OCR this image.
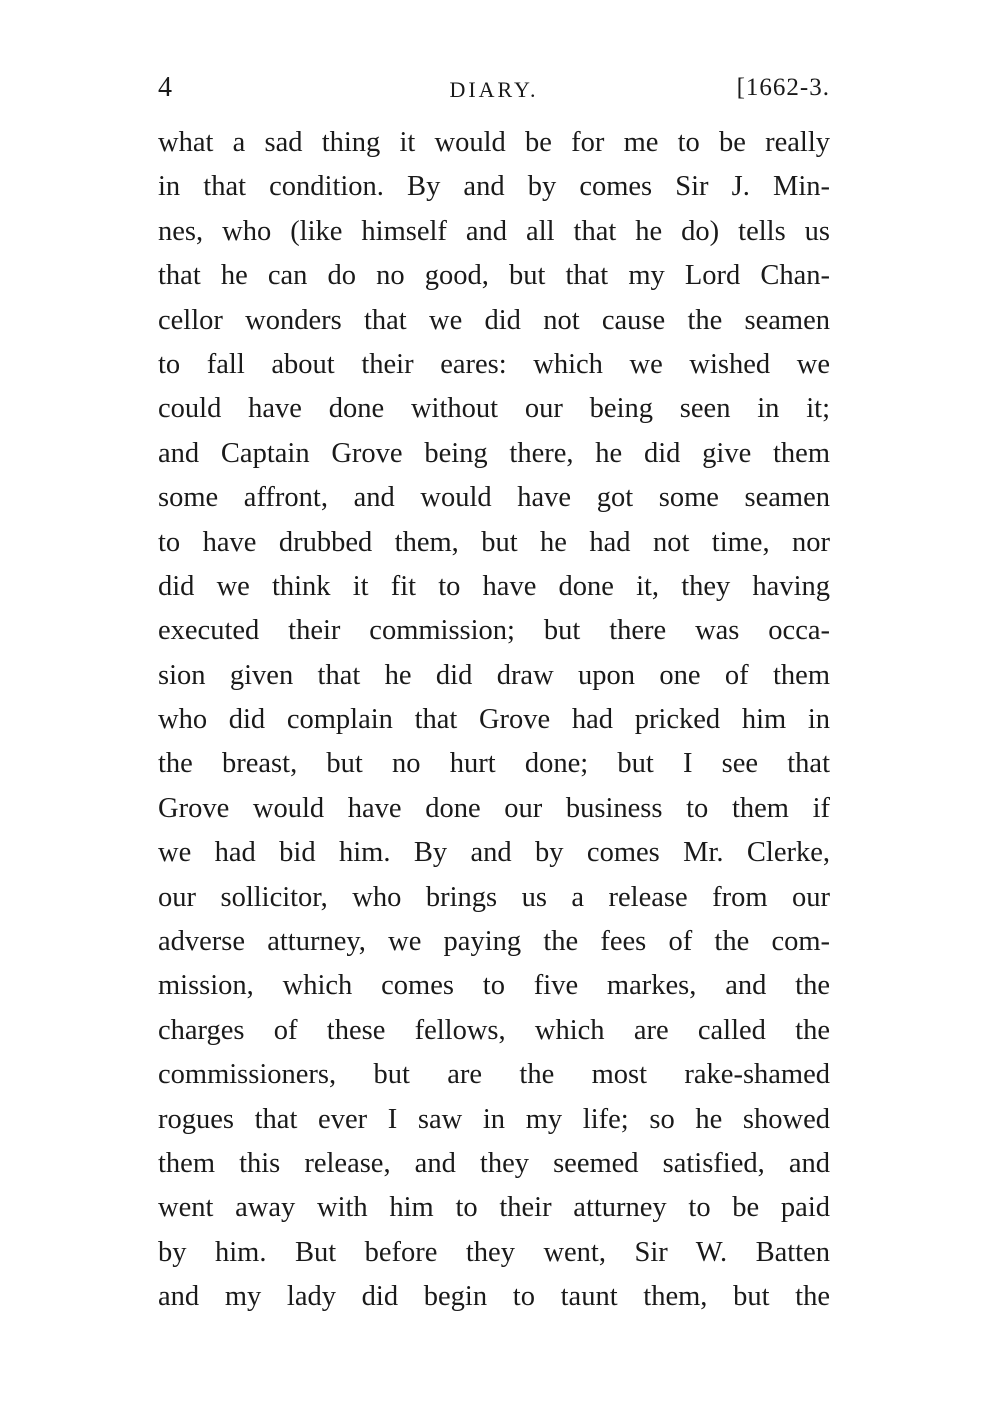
4	DIARY.	[1662-3.
what a sad thing it would be for me to be really
in that condition. By and by comes Sir J. Min-
nes, who (like himself and all that he do) tells us
that he can do no good, but that my Lord Chan-
cellor wonders that we did not cause the seamen
to fall about their eares: which we wished we
could have done without our being seen in it;
and Captain Grove being there, he did give them
some affront, and would have got some seamen
to have drubbed them, but he had not time, nor
did we think it fit to have done it, they having
executed their commission; but there was occa-
sion given that he did draw upon one of them
who did complain that Grove had pricked him in
the breast, but no hurt done; but I see that
Grove would have done our business to them if
we had bid him. By and by comes Mr. Clerke,
our sollicitor, who brings us a release from our
adverse atturney, we paying the fees of the com-
mission, which comes to five markes, and the
charges of these fellows, which are called the
commissioners, but are the most rake-shamed
rogues that ever I saw in my life; so he showed
them this release, and they seemed satisfied, and
went away with him to their atturney to be paid
by him. But before they went, Sir W. Batten
and my lady did begin to taunt them, but the
